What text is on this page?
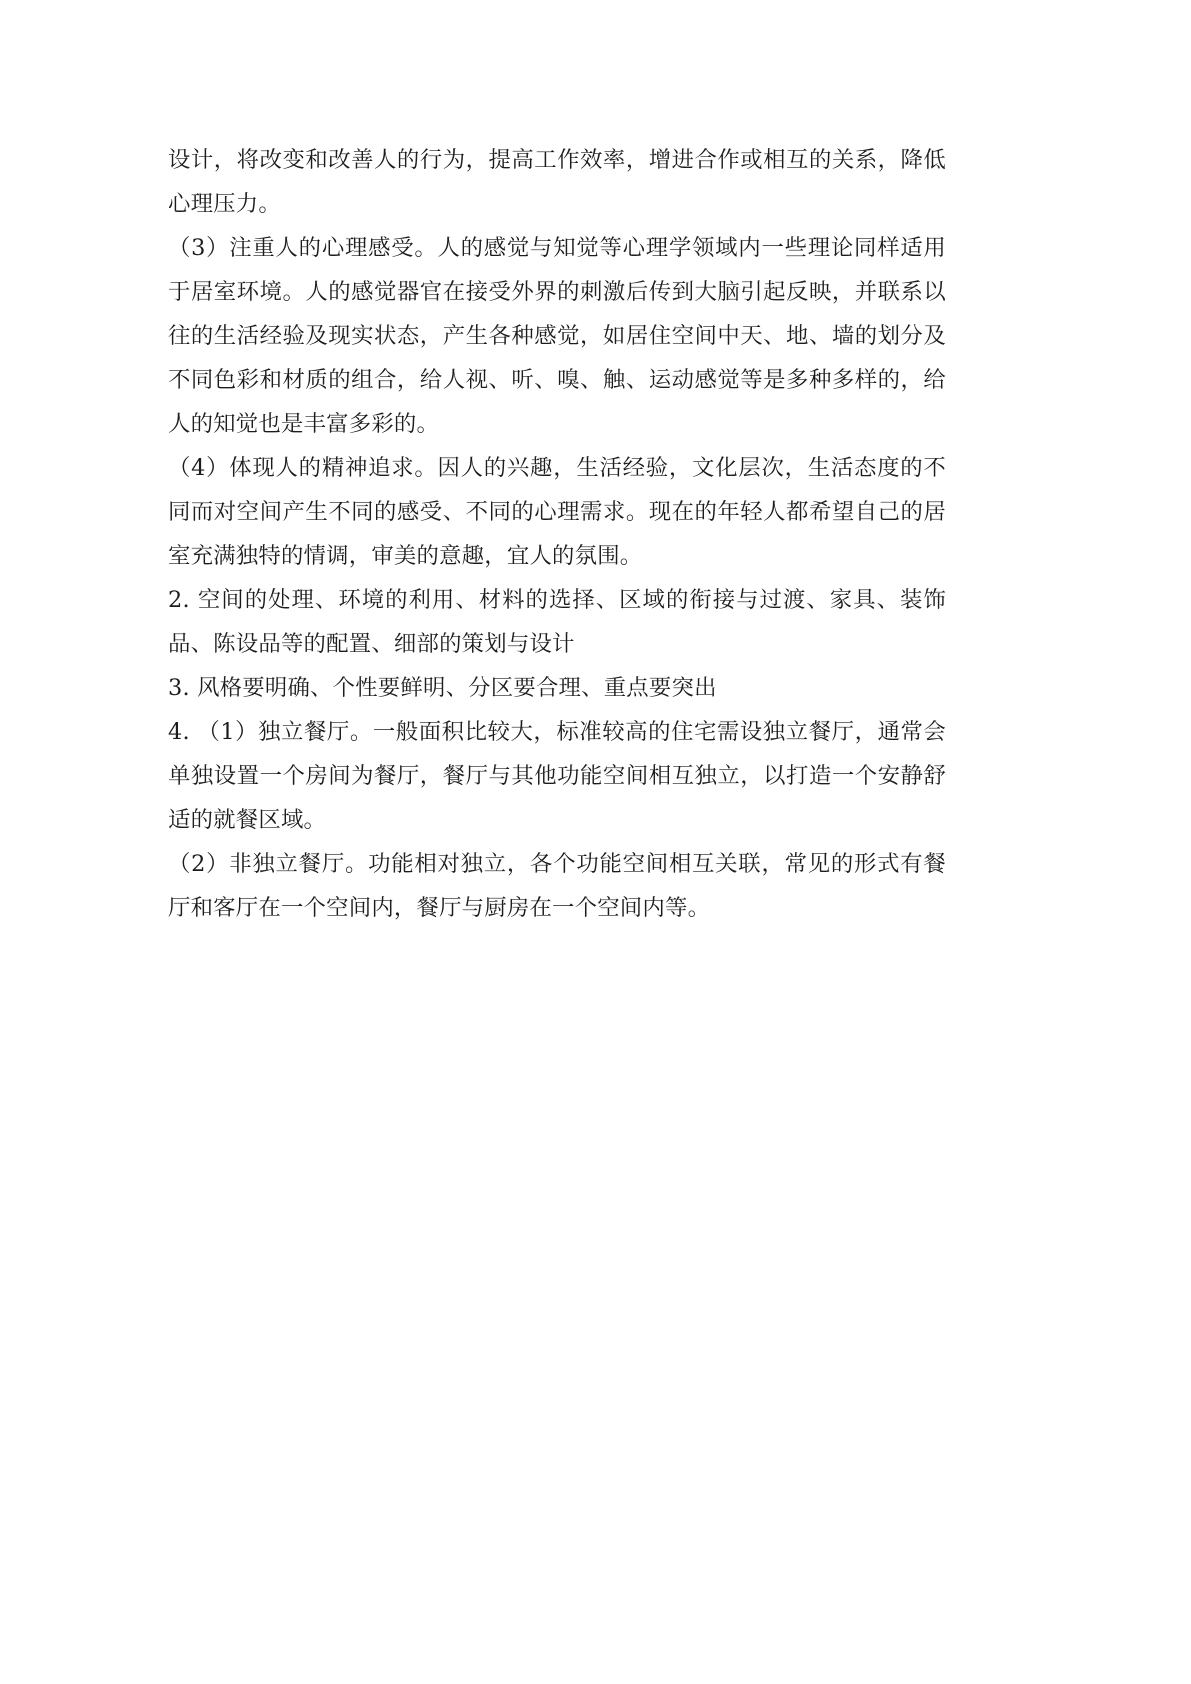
设计，将改变和改善人的行为，提高工作效率，增进合作或相互的关系，降低心理压力。

（3）注重人的心理感受。人的感觉与知觉等心理学领域内一些理论同样适用于居室环境。人的感觉器官在接受外界的刺激后传到大脑引起反映，并联系以往的生活经验及现实状态，产生各种感觉，如居住空间中天、地、墙的划分及不同色彩和材质的组合，给人视、听、嗅、触、运动感觉等是多种多样的，给人的知觉也是丰富多彩的。

（4）体现人的精神追求。因人的兴趣，生活经验，文化层次，生活态度的不同而对空间产生不同的感受、不同的心理需求。现在的年轻人都希望自己的居室充满独特的情调，审美的意趣，宜人的氛围。

2. 空间的处理、环境的利用、材料的选择、区域的衔接与过渡、家具、装饰品、陈设品等的配置、细部的策划与设计

3. 风格要明确、个性要鲜明、分区要合理、重点要突出

4. （1）独立餐厅。一般面积比较大，标准较高的住宅需设独立餐厅，通常会单独设置一个房间为餐厅，餐厅与其他功能空间相互独立，以打造一个安静舒适的就餐区域。

（2）非独立餐厅。功能相对独立，各个功能空间相互关联，常见的形式有餐厅和客厅在一个空间内，餐厅与厨房在一个空间内等。
